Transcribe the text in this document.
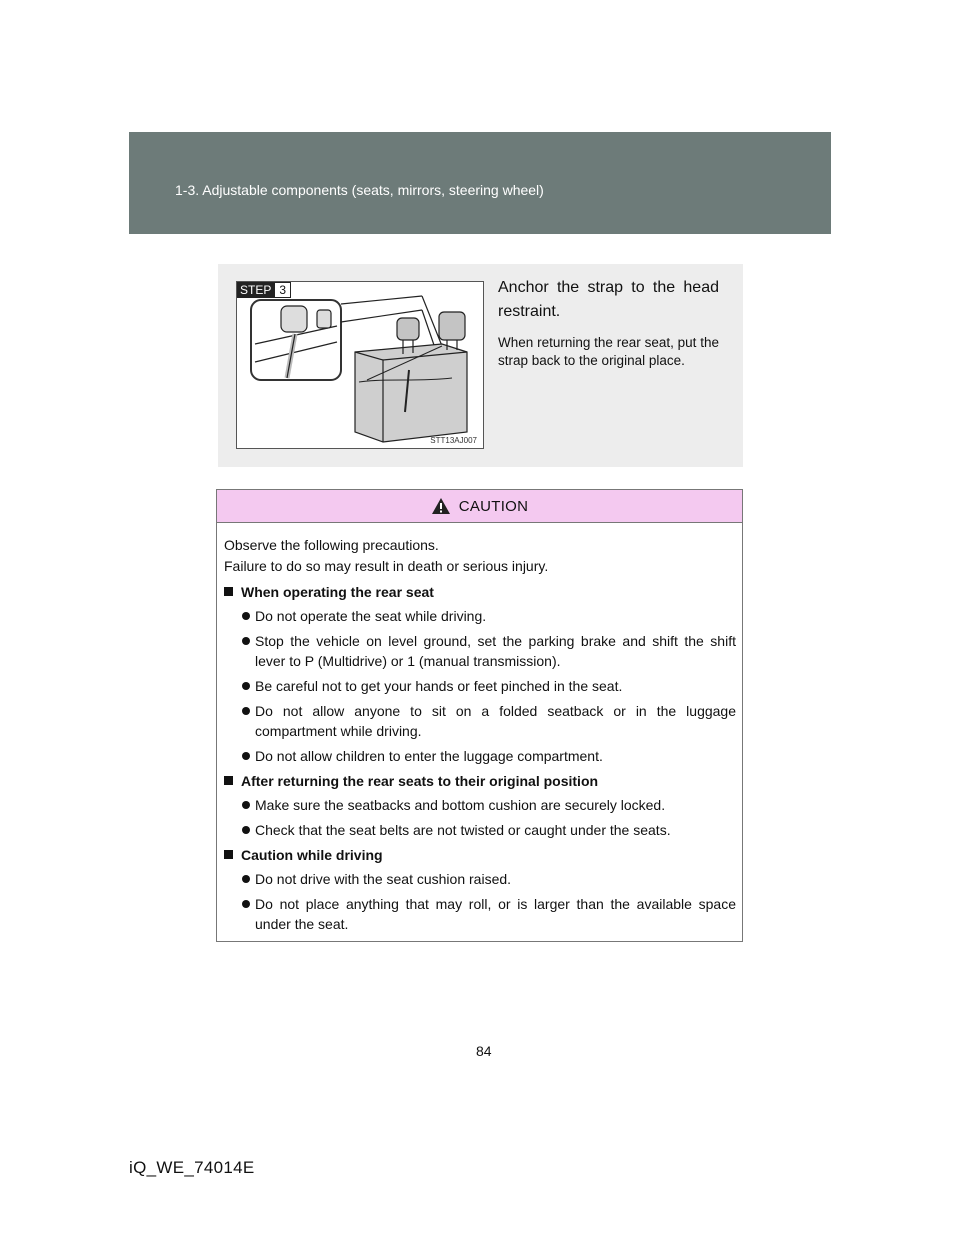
1-3. Adjustable components (seats, mirrors, steering wheel)
STEP 3
STT13AJ007

Anchor the strap to the head restraint.

When returning the rear seat, put the strap back to the original place.

CAUTION

Observe the following precautions.
Failure to do so may result in death or serious injury.

When operating the rear seat
Do not operate the seat while driving.
Stop the vehicle on level ground, set the parking brake and shift the shift lever to P (Multidrive) or 1 (manual transmission).
Be careful not to get your hands or feet pinched in the seat.
Do not allow anyone to sit on a folded seatback or in the luggage compartment while driving.
Do not allow children to enter the luggage compartment.
After returning the rear seats to their original position
Make sure the seatbacks and bottom cushion are securely locked.
Check that the seat belts are not twisted or caught under the seats.
Caution while driving
Do not drive with the seat cushion raised.
Do not place anything that may roll, or is larger than the available space under the seat.
84
iQ_WE_74014E
